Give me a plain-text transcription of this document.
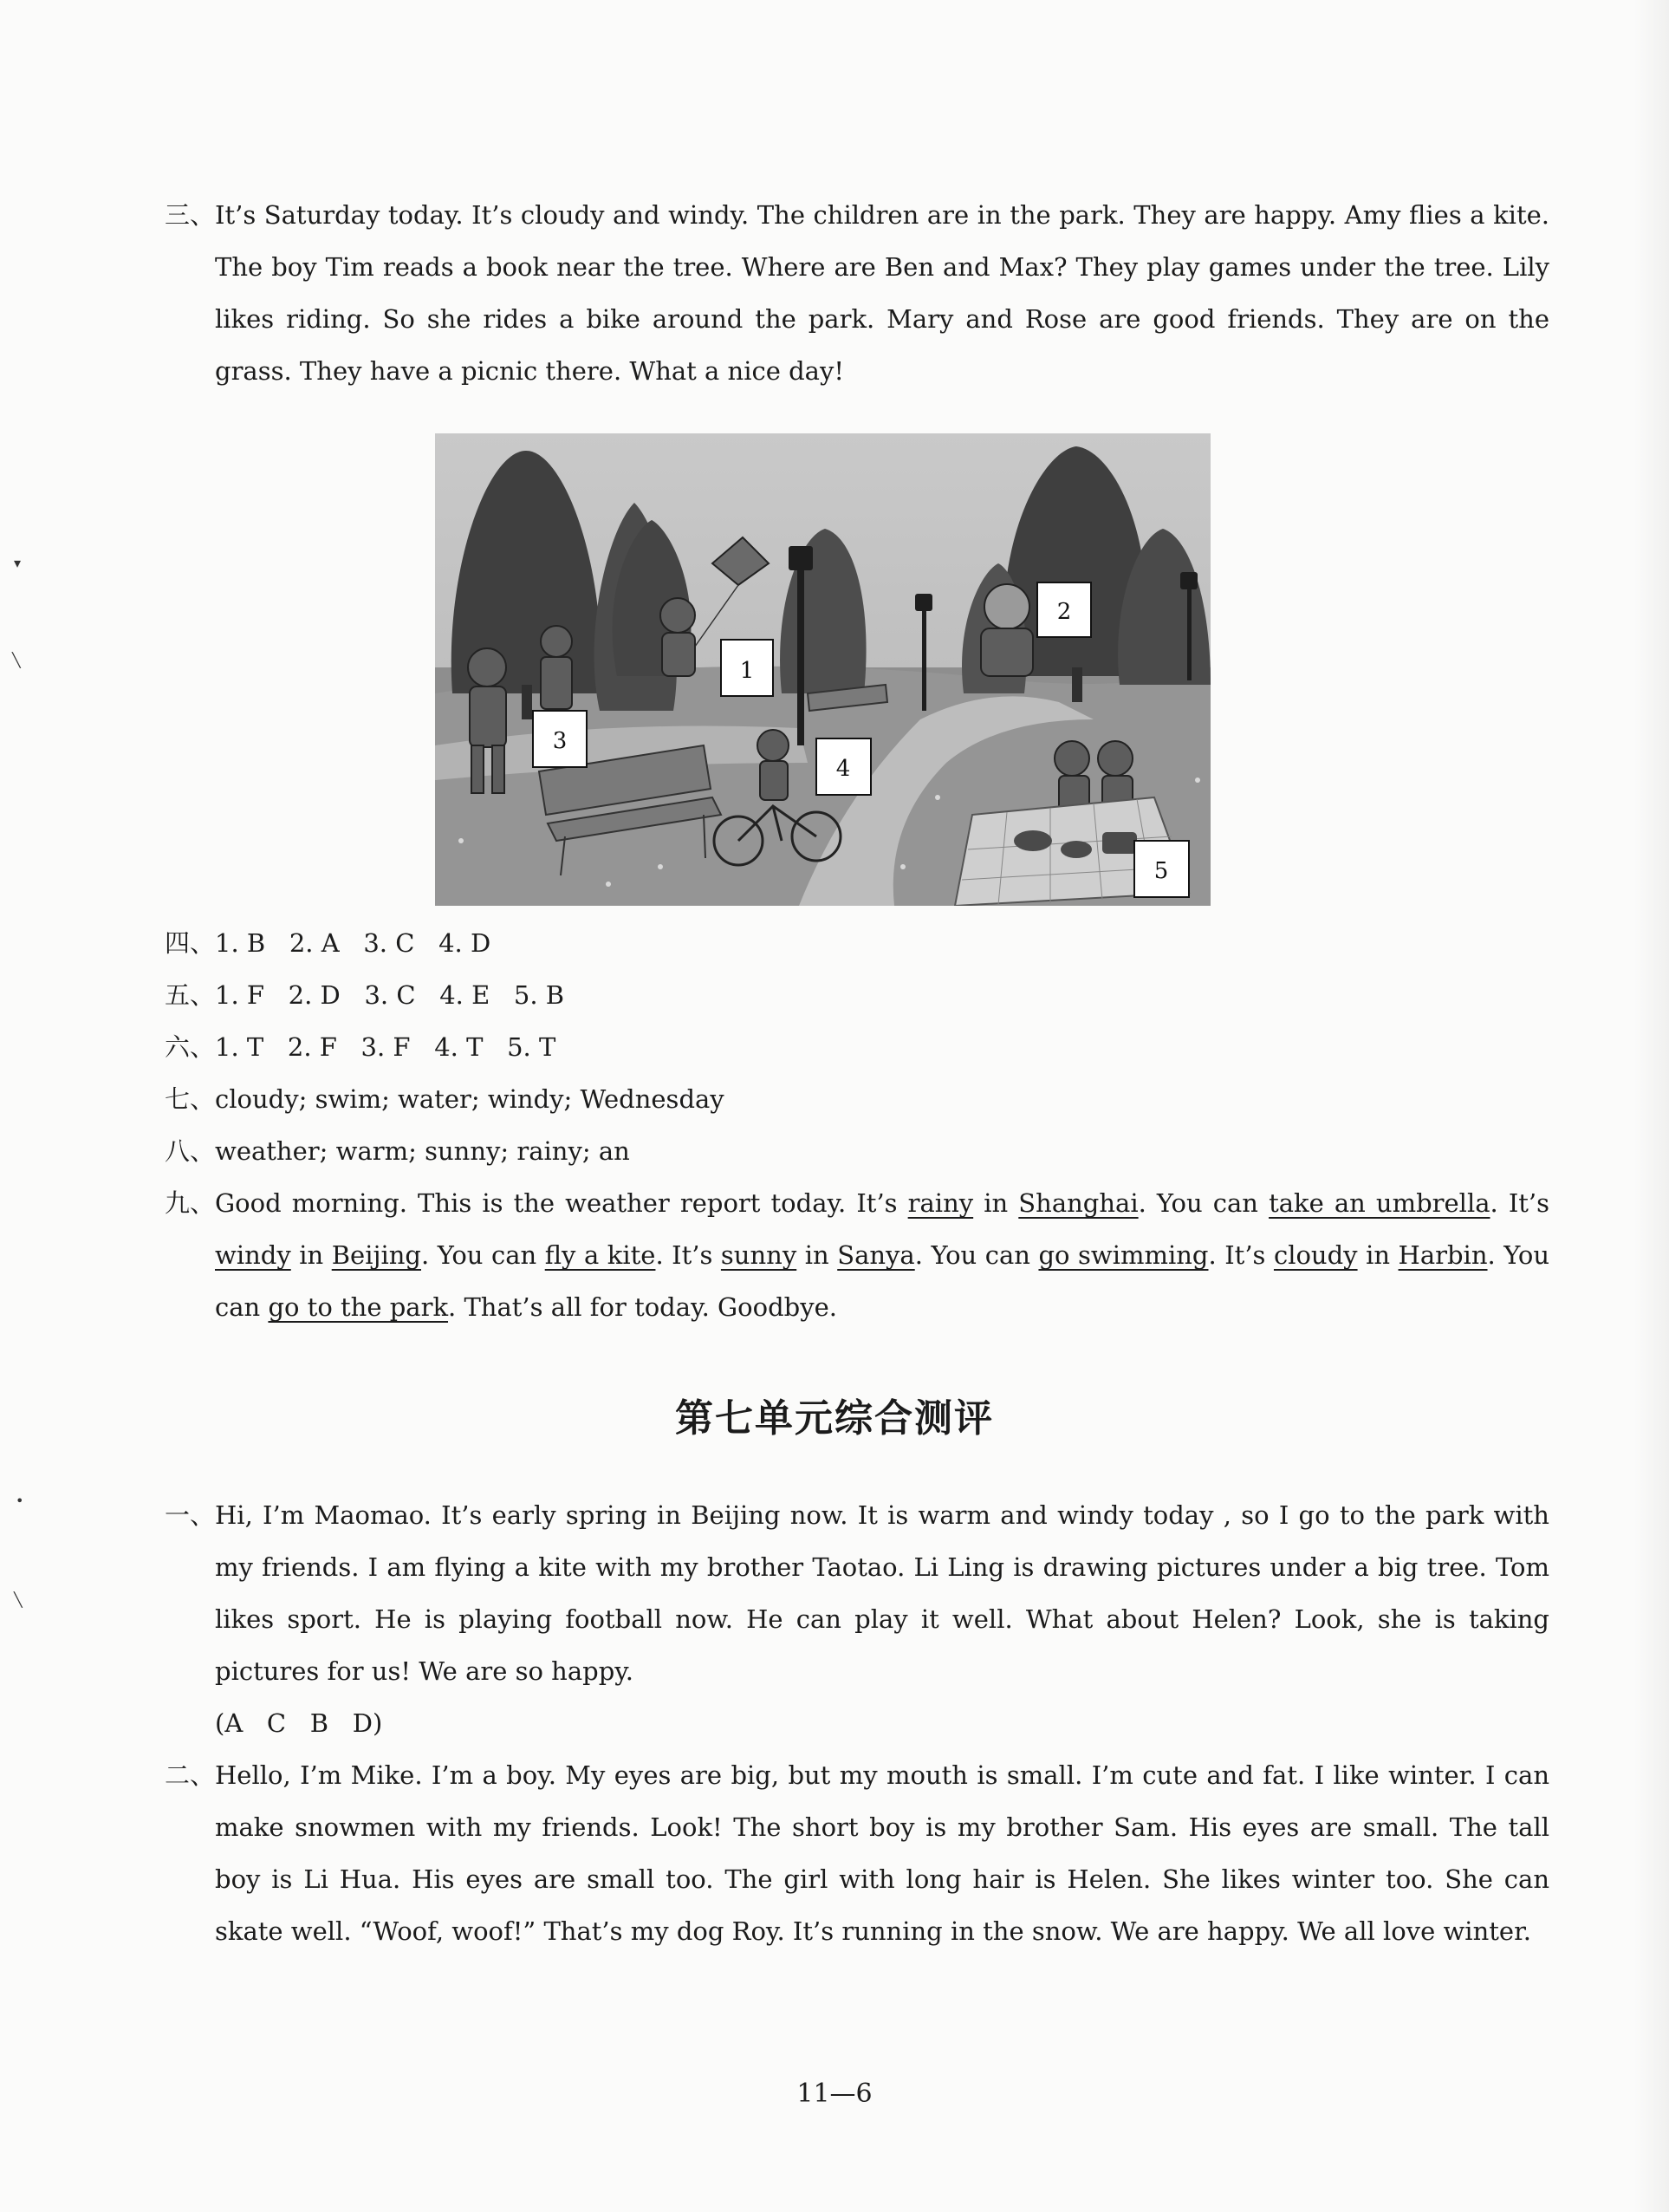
▾
╲
•
╲
三、It’s Saturday today. It’s cloudy and windy. The children are in the park. They are happy. Amy flies a kite. The boy Tim reads a book near the tree. Where are Ben and Max? They play games under the tree. Lily likes riding. So she rides a bike around the park. Mary and Rose are good friends. They are on the grass. They have a picnic there. What a nice day!
1
2
3
4
5
四、1. B   2. A   3. C   4. D
五、1. F   2. D   3. C   4. E   5. B
六、1. T   2. F   3. F   4. T   5. T
七、cloudy; swim; water; windy; Wednesday
八、weather; warm; sunny; rainy; an
九、Good morning. This is the weather report today. It’s rainy in Shanghai. You can take an umbrella. It’s windy in Beijing. You can fly a kite. It’s sunny in Sanya. You can go swimming. It’s cloudy in Harbin. You can go to the park. That’s all for today. Goodbye.
第七单元综合测评
一、Hi, I’m Maomao. It’s early spring in Beijing now. It is warm and windy today , so I go to the park with my friends. I am flying a kite with my brother Taotao. Li Ling is drawing pictures under a big tree. Tom likes sport. He is playing football now. He can play it well. What about Helen? Look, she is taking pictures for us! We are so happy.
(A   C   B   D)
二、Hello, I’m Mike. I’m a boy. My eyes are big, but my mouth is small. I’m cute and fat. I like winter. I can make snowmen with my friends. Look! The short boy is my brother Sam. His eyes are small. The tall boy is Li Hua. His eyes are small too. The girl with long hair is Helen. She likes winter too. She can skate well. “Woof, woof!” That’s my dog Roy. It’s running in the snow. We are happy. We all love winter.
11—6
